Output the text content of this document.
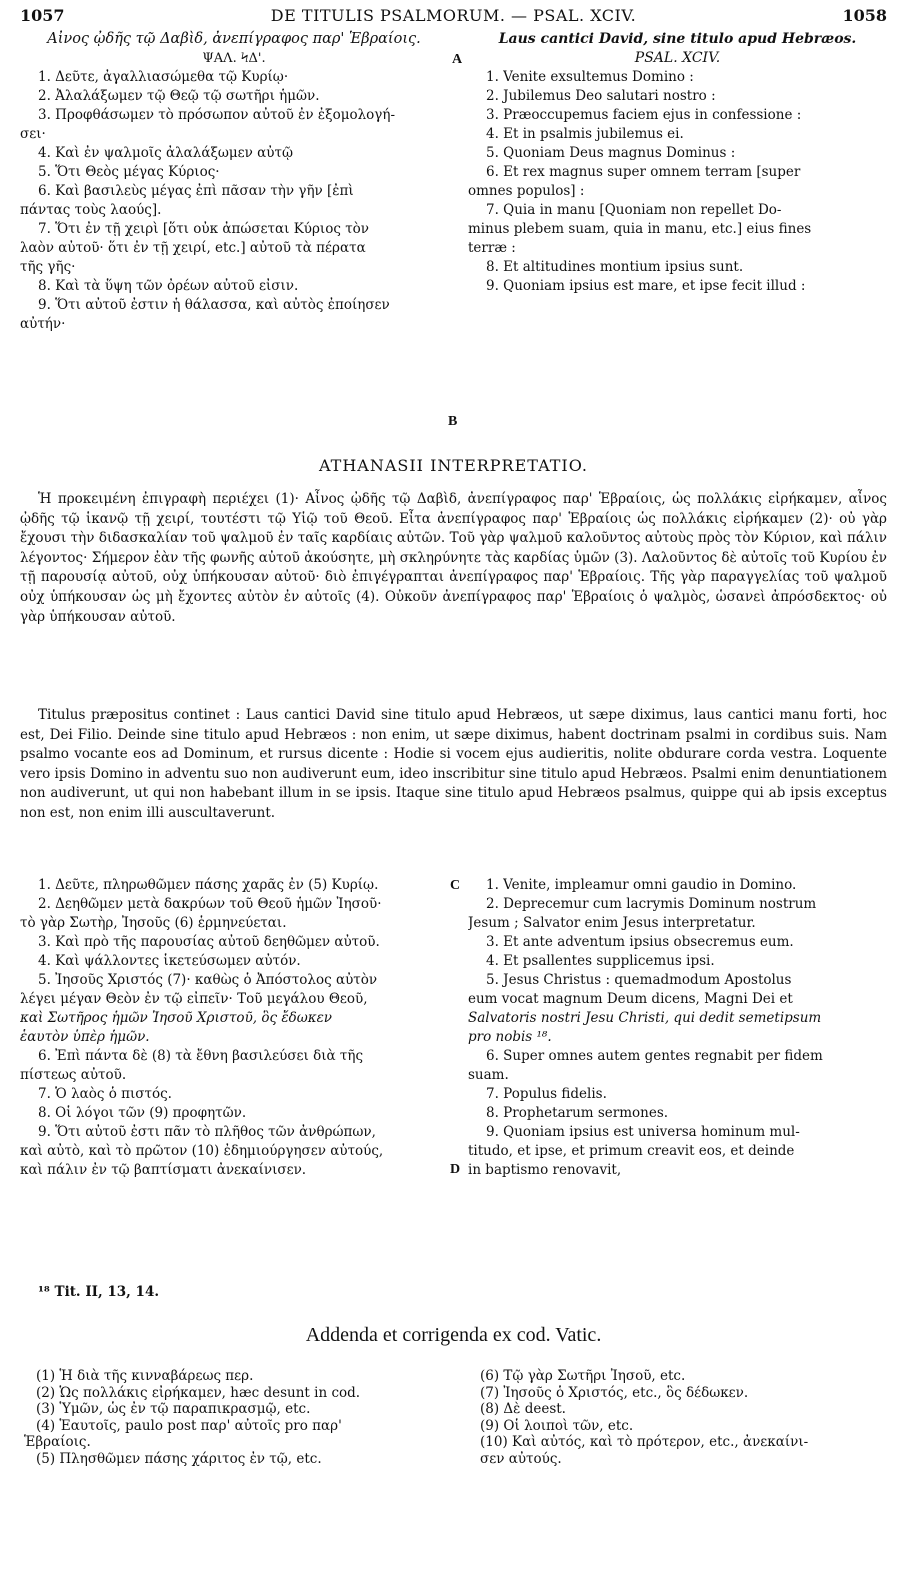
1057	DE TITULIS PSALMORUM. — PSAL. XCIV.	1058
Αἶνος ᾠδῆς τῷ Δαβὶδ, ἀνεπίγραφος παρ' Ἑβραίοις.
ΨΑΛ. ϞΔ'.
1. Δεῦτε, ἀγαλλιασώμεθα τῷ Κυρίῳ·
2. Ἀλαλάξωμεν τῷ Θεῷ τῷ σωτῆρι ἡμῶν.
3. Προφθάσωμεν τὸ πρόσωπον αὐτοῦ ἐν ἐξομολογή-
σει·
4. Καὶ ἐν ψαλμοῖς ἀλαλάξωμεν αὐτῷ
5. Ὅτι Θεὸς μέγας Κύριος·
6. Καὶ βασιλεὺς μέγας ἐπὶ πᾶσαν τὴν γῆν [ἐπὶ
πάντας τοὺς λαούς].
7. Ὅτι ἐν τῇ χειρὶ [ὅτι οὐκ ἀπώσεται Κύριος τὸν
λαὸν αὐτοῦ· ὅτι ἐν τῇ χειρί, etc.] αὐτοῦ τὰ πέρατα
τῆς γῆς·
8. Καὶ τὰ ὕψη τῶν ὀρέων αὐτοῦ εἰσιν.
9. Ὅτι αὐτοῦ ἐστιν ἡ θάλασσα, καὶ αὐτὸς ἐποίησεν
αὐτήν·
Laus cantici David, sine titulo apud Hebræos.
PSAL. XCIV.
1. Venite exsultemus Domino :
2. Jubilemus Deo salutari nostro :
3. Præoccupemus faciem ejus in confessione :
4. Et in psalmis jubilemus ei.
5. Quoniam Deus magnus Dominus :
6. Et rex magnus super omnem terram [super
omnes populos] :
7. Quia in manu [Quoniam non repellet Do-
minus plebem suam, quia in manu, etc.] eius fines
terræ :
8. Et altitudines montium ipsius sunt.
9. Quoniam ipsius est mare, et ipse fecit illud :
A
B
ATHANASII INTERPRETATIO.
Ἡ προκειμένη ἐπιγραφὴ περιέχει (1)· Αἶνος ᾠδῆς τῷ Δαβὶδ, ἀνεπίγραφος παρ' Ἑβραίοις, ὡς πολλάκις εἰρήκαμεν, αἶνος ᾠδῆς τῷ ἱκανῷ τῇ χειρί, τουτέστι τῷ Υἱῷ τοῦ Θεοῦ. Εἶτα ἀνεπίγραφος παρ' Ἑβραίοις ὡς πολλάκις εἰρήκαμεν (2)· οὐ γὰρ ἔχουσι τὴν διδασκαλίαν τοῦ ψαλμοῦ ἐν ταῖς καρδίαις αὐτῶν. Τοῦ γὰρ ψαλμοῦ καλοῦντος αὐτοὺς πρὸς τὸν Κύριον, καὶ πάλιν λέγοντος· Σήμερον ἐὰν τῆς φωνῆς αὐτοῦ ἀκούσητε, μὴ σκληρύνητε τὰς καρδίας ὑμῶν (3). Λαλοῦντος δὲ αὐτοῖς τοῦ Κυρίου ἐν τῇ παρουσίᾳ αὐτοῦ, οὐχ ὑπήκουσαν αὐτοῦ· διὸ ἐπιγέγραπται ἀνεπίγραφος παρ' Ἑβραίοις. Τῆς γὰρ παραγγελίας τοῦ ψαλμοῦ οὐχ ὑπήκουσαν ὡς μὴ ἔχοντες αὐτὸν ἐν αὐτοῖς (4). Οὐκοῦν ἀνεπίγραφος παρ' Ἑβραίοις ὁ ψαλμὸς, ὡσανεὶ ἀπρόσδεκτος· οὐ γὰρ ὑπήκουσαν αὐτοῦ.
Titulus præpositus continet : Laus cantici David sine titulo apud Hebræos, ut sæpe diximus, laus cantici manu forti, hoc est, Dei Filio. Deinde sine titulo apud Hebræos : non enim, ut sæpe diximus, habent doctrinam psalmi in cordibus suis. Nam psalmo vocante eos ad Dominum, et rursus dicente : Hodie si vocem ejus audieritis, nolite obdurare corda vestra. Loquente vero ipsis Domino in adventu suo non audiverunt eum, ideo inscribitur sine titulo apud Hebræos. Psalmi enim denuntiationem non audiverunt, ut qui non habebant illum in se ipsis. Itaque sine titulo apud Hebræos psalmus, quippe qui ab ipsis exceptus non est, non enim illi auscultaverunt.
1. Δεῦτε, πληρωθῶμεν πάσης χαρᾶς ἐν (5) Κυρίῳ.
2. Δεηθῶμεν μετὰ δακρύων τοῦ Θεοῦ ἡμῶν Ἰησοῦ·
τὸ γὰρ Σωτὴρ, Ἰησοῦς (6) ἑρμηνεύεται.
3. Καὶ πρὸ τῆς παρουσίας αὐτοῦ δεηθῶμεν αὐτοῦ.
4. Καὶ ψάλλοντες ἱκετεύσωμεν αὐτόν.
5. Ἰησοῦς Χριστός (7)· καθὼς ὁ Ἀπόστολος αὐτὸν
λέγει μέγαν Θεὸν ἐν τῷ εἰπεῖν· Τοῦ μεγάλου Θεοῦ,
καὶ Σωτῆρος ἡμῶν Ἰησοῦ Χριστοῦ, ὃς ἔδωκεν
ἑαυτὸν ὑπὲρ ἡμῶν.
6. Ἐπὶ πάντα δὲ (8) τὰ ἔθνη βασιλεύσει διὰ τῆς
πίστεως αὐτοῦ.
7. Ὁ λαὸς ὁ πιστός.
8. Οἱ λόγοι τῶν (9) προφητῶν.
9. Ὅτι αὐτοῦ ἐστι πᾶν τὸ πλῆθος τῶν ἀνθρώπων,
καὶ αὐτὸ, καὶ τὸ πρῶτον (10) ἐδημιούργησεν αὐτούς,
καὶ πάλιν ἐν τῷ βαπτίσματι ἀνεκαίνισεν.
1. Venite, impleamur omni gaudio in Domino.
2. Deprecemur cum lacrymis Dominum nostrum
Jesum ; Salvator enim Jesus interpretatur.
3. Et ante adventum ipsius obsecremus eum.
4. Et psallentes supplicemus ipsi.
5. Jesus Christus : quemadmodum Apostolus
eum vocat magnum Deum dicens, Magni Dei et
Salvatoris nostri Jesu Christi, qui dedit semetipsum
pro nobis ¹⁸.
6. Super omnes autem gentes regnabit per fidem
suam.
7. Populus fidelis.
8. Prophetarum sermones.
9. Quoniam ipsius est universa hominum mul-
titudo, et ipse, et primum creavit eos, et deinde
in baptismo renovavit,
C
D
¹⁸ Tit. II, 13, 14.
Addenda et corrigenda ex cod. Vatic.
(1) Ἡ διὰ τῆς κινναβάρεως περ.
(2) Ὡς πολλάκις εἰρήκαμεν, hæc desunt in cod.
(3) Ὑμῶν, ὡς ἐν τῷ παραπικρασμῷ, etc.
(4) Ἑαυτοῖς, paulo post παρ' αὐτοῖς pro παρ'
Ἑβραίοις.
(5) Πλησθῶμεν πάσης χάριτος ἐν τῷ, etc.
(6) Τῷ γὰρ Σωτῆρι Ἰησοῦ, etc.
(7) Ἰησοῦς ὁ Χριστός, etc., ὃς δέδωκεν.
(8) Δὲ deest.
(9) Οἱ λοιποὶ τῶν, etc.
(10) Καὶ αὐτός, καὶ τὸ πρότερον, etc., ἀνεκαίνι-
σεν αὐτούς.
